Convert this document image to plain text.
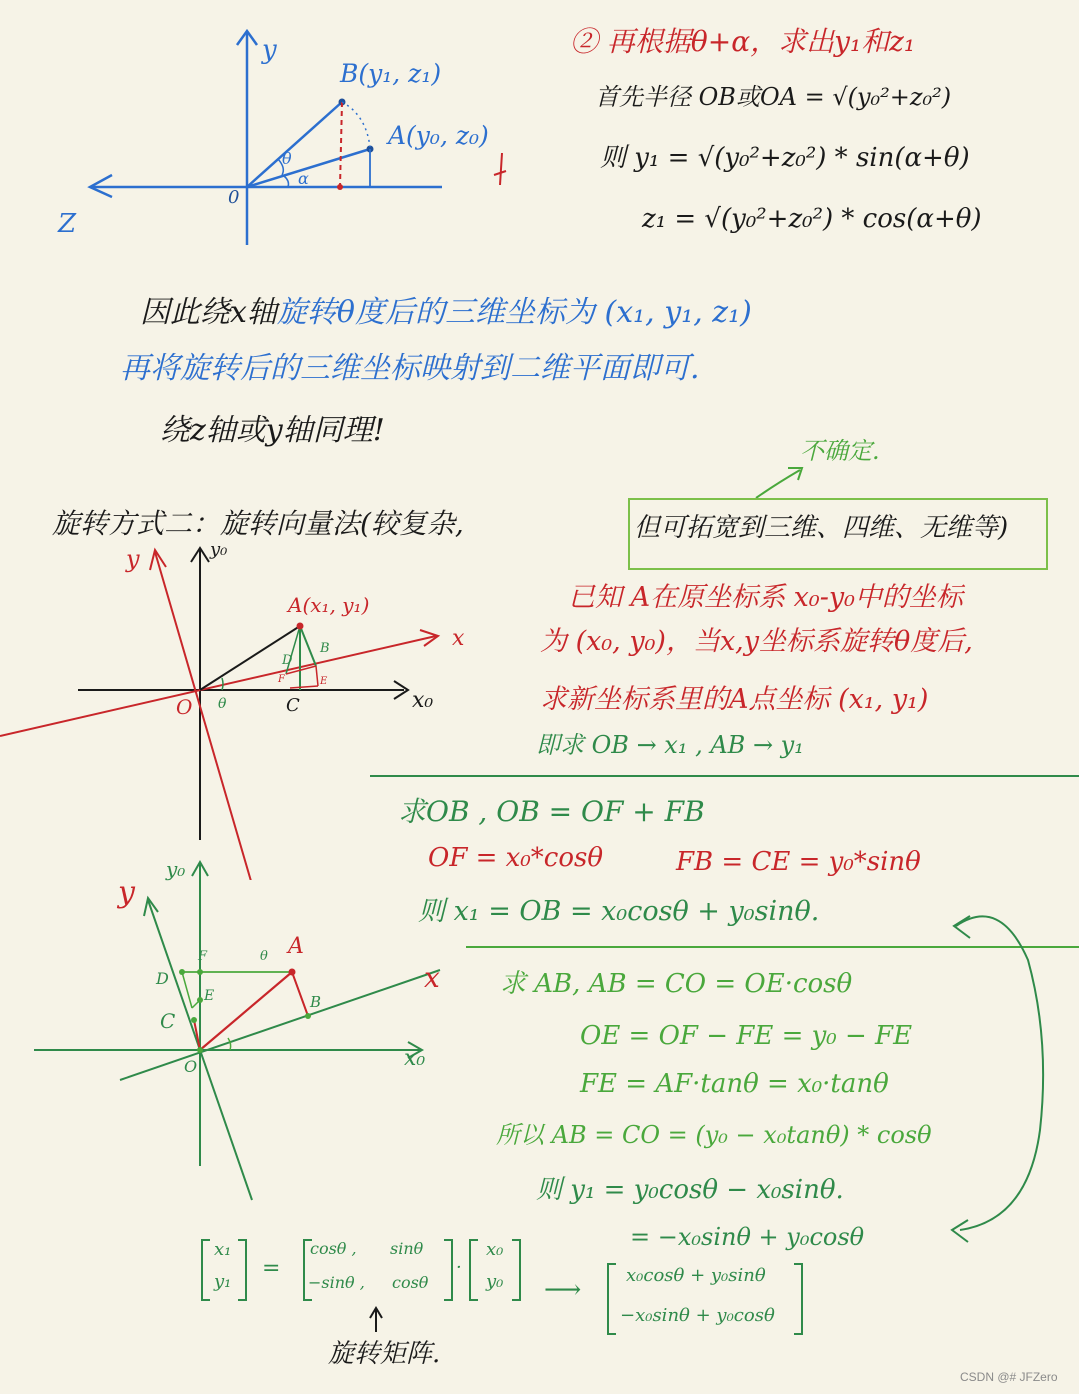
y
Z
0
B(y₁, z₁)
A(y₀, z₀)
θ
α
② 再根据θ+α，求出y₁和z₁
首先半径 OB或OA = √(y₀²+z₀²)
则 y₁ = √(y₀²+z₀²) * sin(α+θ)
z₁ = √(y₀²+z₀²) * cos(α+θ)
因此绕x轴旋转θ度后的三维坐标为 (x₁, y₁, z₁)
再将旋转后的三维坐标映射到二维平面即可.
绕z轴或y轴同理!
不确定.
旋转方式二：旋转向量法(较复杂,	但可拓宽到三维、四维、无维等)
y	y₀
x
x₀
O θ
A(x₁, y₁)
C
B
D
E
F
已知 A在原坐标系 x₀-y₀中的坐标
为 (x₀, y₀)，当x,y坐标系旋转θ度后,
求新坐标系里的A点坐标 (x₁, y₁)
即求 OB → x₁ , AB → y₁
求OB , OB = OF + FB
OF = x₀*cosθ	FB = CE = y₀*sinθ
则 x₁ = OB = x₀cosθ + y₀sinθ.
y
y₀
x
x₀
O
A
B
C
D
E
F	θ
求 AB, AB = CO = OE·cosθ
OE = OF − FE = y₀ − FE
FE = AF·tanθ = x₀·tanθ
所以 AB = CO = (y₀ − x₀tanθ) * cosθ
则 y₁ = y₀cosθ − x₀sinθ.
= −x₀sinθ + y₀cosθ
x₁
y₁
=
cosθ , sinθ
−sinθ , cosθ
·
x₀
y₀ ⟶ x₀cosθ + y₀sinθ
−x₀sinθ + y₀cosθ
旋转矩阵.
CSDN @# JFZero
